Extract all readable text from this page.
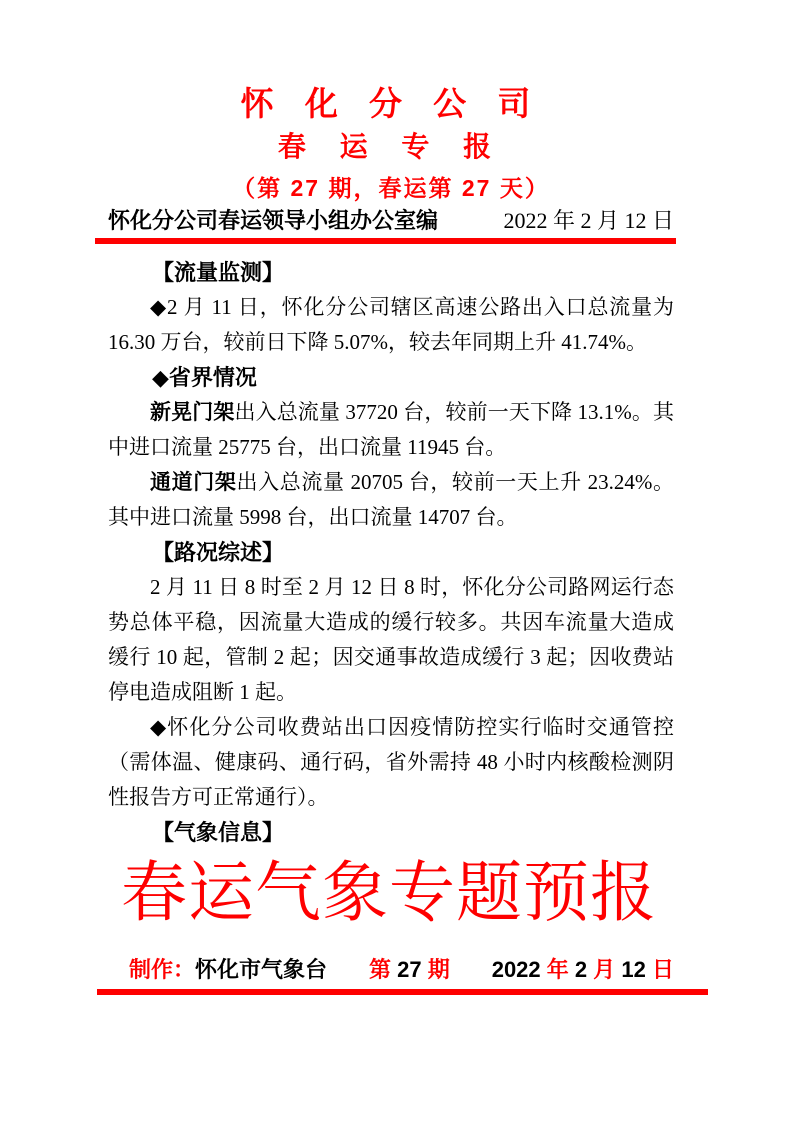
怀 化 分 公 司
春 运 专 报
（第 27 期，春运第 27 天）
怀化分公司春运领导小组办公室编	2022 年 2 月 12 日

【流量监测】

◆2 月 11 日，怀化分公司辖区高速公路出入口总流量为 16.30 万台，较前日下降 5.07%，较去年同期上升 41.74%。

◆省界情况

新晃门架出入总流量 37720 台，较前一天下降 13.1%。其中进口流量 25775 台，出口流量 11945 台。

通道门架出入总流量 20705 台，较前一天上升 23.24%。其中进口流量 5998 台，出口流量 14707 台。

【路况综述】

2 月 11 日 8 时至 2 月 12 日 8 时，怀化分公司路网运行态势总体平稳，因流量大造成的缓行较多。共因车流量大造成缓行 10 起，管制 2 起；因交通事故造成缓行 3 起；因收费站停电造成阻断 1 起。

◆怀化分公司收费站出口因疫情防控实行临时交通管控（需体温、健康码、通行码，省外需持 48 小时内核酸检测阴性报告方可正常通行）。

【气象信息】

春运气象专题预报
制作：怀化市气象台 第 27 期 2022 年 2 月 12 日
